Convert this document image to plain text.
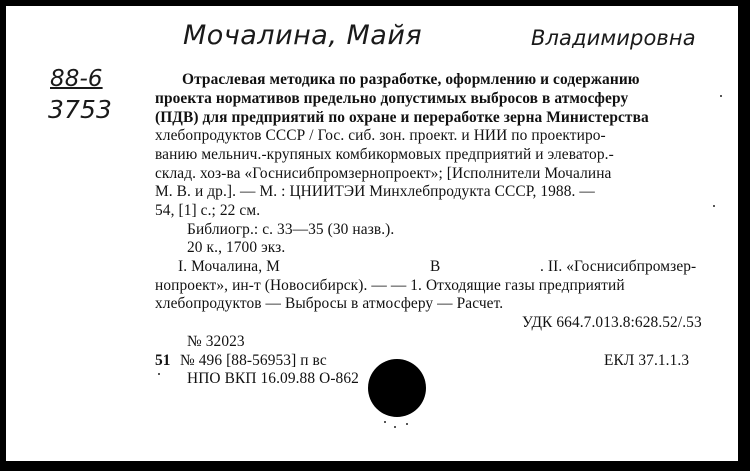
Мочалина, Майя	Владимировна
88-6
3753
Отраслевая методика по разработке, оформлению и содержанию
проекта нормативов предельно допустимых выбросов в атмосферу
(ПДВ) для предприятий по охране и переработке зерна Министерства
хлебопродуктов СССР / Гос. сиб. зон. проект. и НИИ по проектиро-
ванию мельнич.-крупяных комбикормовых предприятий и элеватор.-
склад. хоз-ва «Госнисибпромзернопроект»; [Исполнители Мочалина
М. В. и др.]. — М. : ЦНИИТЭИ Минхлебпродукта СССР, 1988. —
54, [1] с.; 22 см.
Библиогр.: с. 33—35 (30 назв.).
20 к., 1700 экз.
I. Мочалина, М	В	. II. «Госнисибпромзер-
нопроект», ин-т (Новосибирск). — — 1. Отходящие газы предприятий
хлебопродуктов — Выбросы в атмосферу — Расчет.
УДК 664.7.013.8:628.52/.53
№ 32023
51 № 496 [88-56953] п вс	ЕКЛ 37.1.1.3
НПО ВКП 16.09.88 О-862
